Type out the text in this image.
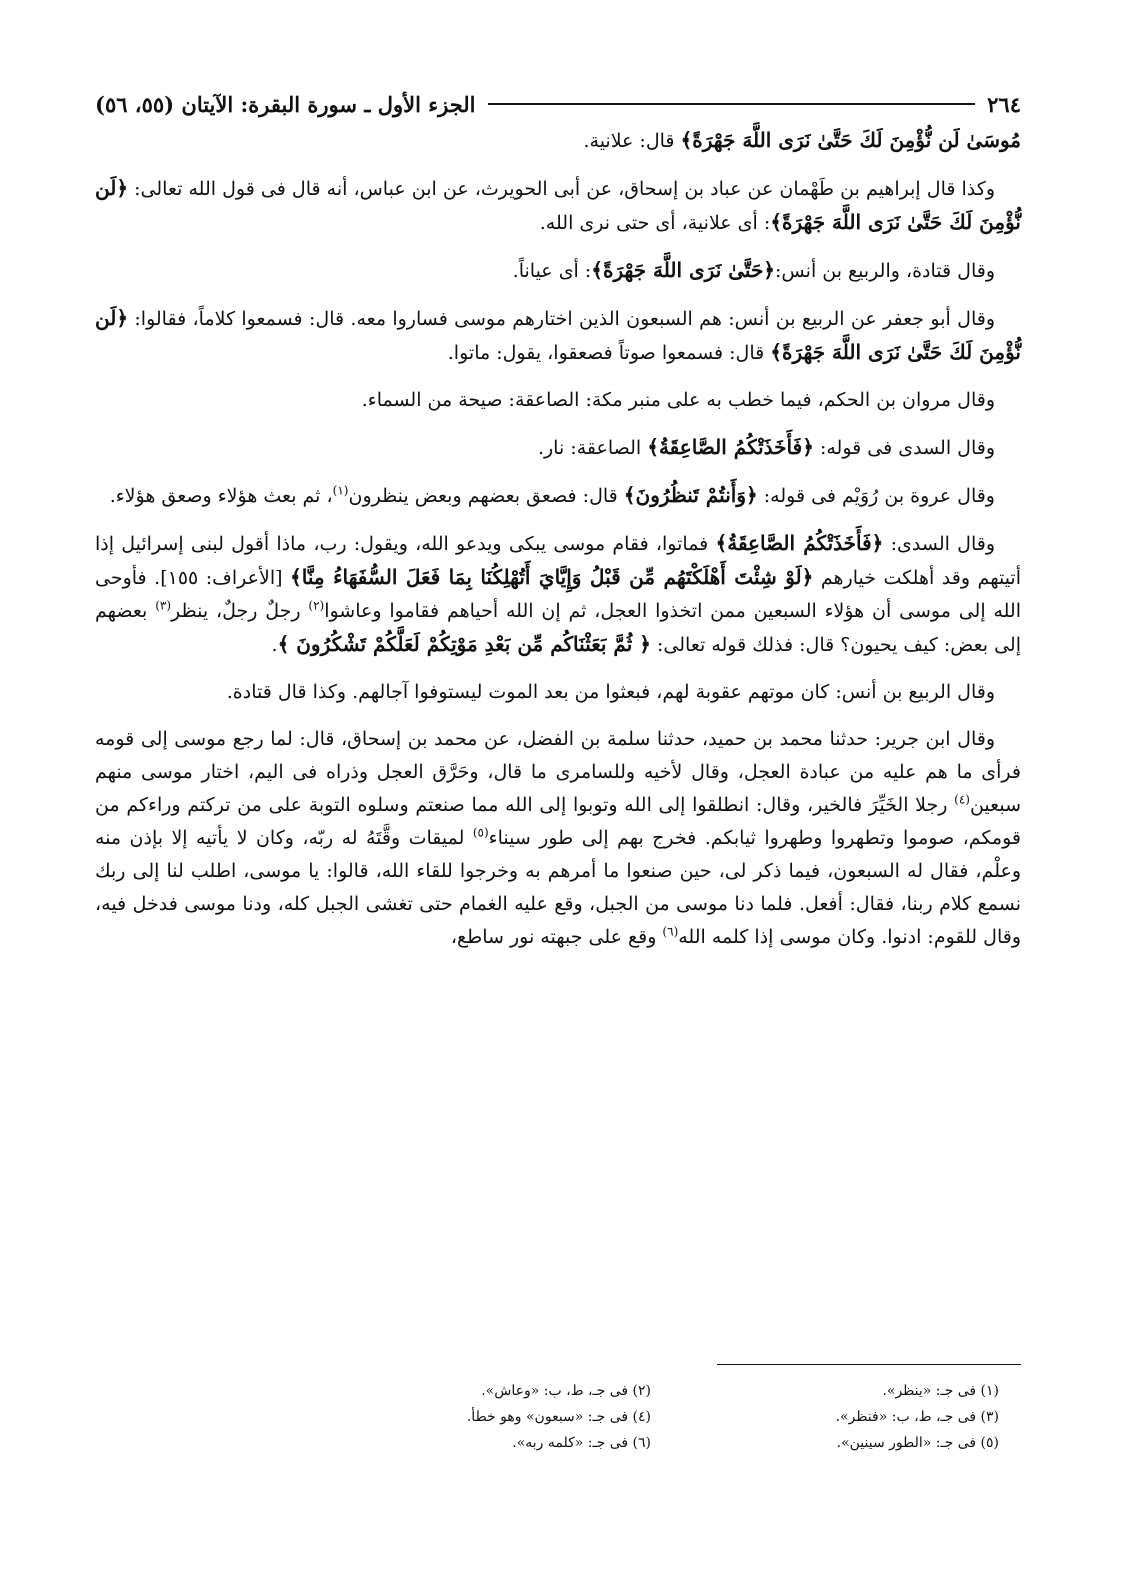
٢٦٤
الجزء الأول ـ سورة البقرة: الآيتان (٥٥، ٥٦)

مُوسَىٰ لَن نُّؤْمِنَ لَكَ حَتَّىٰ نَرَى اللَّهَ جَهْرَةً﴾ قال: علانية.

وكذا قال إبراهيم بن طَهْمان عن عباد بن إسحاق، عن أبى الحويرث، عن ابن عباس، أنه قال فى قول الله تعالى: ﴿لَن نُّؤْمِنَ لَكَ حَتَّىٰ نَرَى اللَّهَ جَهْرَةً﴾: أى علانية، أى حتى نرى الله.

وقال قتادة، والربيع بن أنس:﴿حَتَّىٰ نَرَى اللَّهَ جَهْرَةً﴾: أى عياناً.

وقال أبو جعفر عن الربيع بن أنس: هم السبعون الذين اختارهم موسى فساروا معه. قال: فسمعوا كلاماً، فقالوا: ﴿لَن نُّؤْمِنَ لَكَ حَتَّىٰ نَرَى اللَّهَ جَهْرَةً﴾ قال: فسمعوا صوتاً فصعقوا، يقول: ماتوا.

وقال مروان بن الحكم، فيما خطب به على منبر مكة: الصاعقة: صيحة من السماء.

وقال السدى فى قوله: ﴿فَأَخَذَتْكُمُ الصَّاعِقَةُ﴾ الصاعقة: نار.

وقال عروة بن رُوَيْم فى قوله: ﴿وَأَنتُمْ تَنظُرُونَ﴾ قال: فصعق بعضهم وبعض ينظرون$^{(١)}$، ثم بعث هؤلاء وصعق هؤلاء.

وقال السدى: ﴿فَأَخَذَتْكُمُ الصَّاعِقَةُ﴾ فماتوا، فقام موسى يبكى ويدعو الله، ويقول: رب، ماذا أقول لبنى إسرائيل إذا أتيتهم وقد أهلكت خيارهم ﴿لَوْ شِئْتَ أَهْلَكْتَهُم مِّن قَبْلُ وَإِيَّايَ أَتُهْلِكُنَا بِمَا فَعَلَ السُّفَهَاءُ مِنَّا﴾ [الأعراف: ١٥٥]. فأوحى الله إلى موسى أن هؤلاء السبعين ممن اتخذوا العجل، ثم إن الله أحياهم فقاموا وعاشوا$^{(٢)}$ رجلٌ رجلٌ، ينظر$^{(٣)}$ بعضهم إلى بعض: كيف يحيون؟ قال: فذلك قوله تعالى: ﴿ ثُمَّ بَعَثْنَاكُم مِّن بَعْدِ مَوْتِكُمْ لَعَلَّكُمْ تَشْكُرُونَ ﴾.

وقال الربيع بن أنس: كان موتهم عقوبة لهم، فبعثوا من بعد الموت ليستوفوا آجالهم. وكذا قال قتادة.

وقال ابن جرير: حدثنا محمد بن حميد، حدثنا سلمة بن الفضل، عن محمد بن إسحاق، قال: لما رجع موسى إلى قومه فرأى ما هم عليه من عبادة العجل، وقال لأخيه وللسامرى ما قال، وحَرَّق العجل وذراه فى اليم، اختار موسى منهم سبعين$^{(٤)}$ رجلا الخَيِّرَ فالخير، وقال: انطلقوا إلى الله وتوبوا إلى الله مما صنعتم وسلوه التوبة على من تركتم وراءكم من قومكم، صوموا وتطهروا وطهروا ثيابكم. فخرج بهم إلى طور سيناء$^{(٥)}$ لميقات وقَّتَهُ له ربّه، وكان لا يأتيه إلا بإذن منه وعلْم، فقال له السبعون، فيما ذكر لى، حين صنعوا ما أمرهم به وخرجوا للقاء الله، قالوا: يا موسى، اطلب لنا إلى ربك نسمع كلام ربنا، فقال: أفعل. فلما دنا موسى من الجبل، وقع عليه الغمام حتى تغشى الجبل كله، ودنا موسى فدخل فيه، وقال للقوم: ادنوا. وكان موسى إذا كلمه الله$^{(٦)}$ وقع على جبهته نور ساطع،

(١) فى جـ: «ينظر».
(٢) فى جـ، ط، ب: «وعاش».
(٣) فى جـ، ط، ب: «فنظر».
(٤) فى جـ: «سبعون» وهو خطأ.
(٥) فى جـ: «الطور سينين».
(٦) فى جـ: «كلمه ربه».
